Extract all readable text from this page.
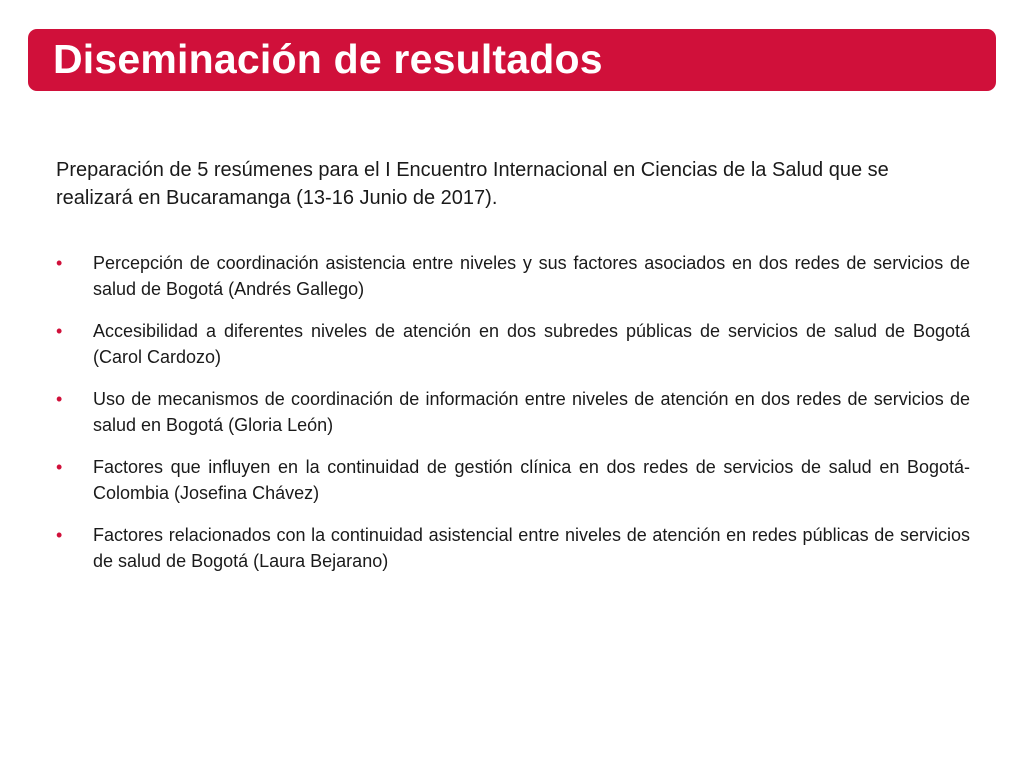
Diseminación de resultados

Preparación de 5 resúmenes para el I Encuentro Internacional en Ciencias de la Salud que se realizará en Bucaramanga (13-16 Junio de 2017).

• Percepción de coordinación asistencia entre niveles y sus factores asociados en dos redes de servicios de salud de Bogotá (Andrés Gallego)
• Accesibilidad a diferentes niveles de atención en dos subredes públicas de servicios de salud de Bogotá (Carol Cardozo)
• Uso de mecanismos de coordinación de información entre niveles de atención en dos redes de servicios de salud en Bogotá (Gloria León)
• Factores que influyen en la continuidad de gestión clínica en dos redes de servicios de salud en Bogotá-Colombia (Josefina Chávez)
• Factores relacionados con la continuidad asistencial entre niveles de atención en redes públicas de servicios de salud de Bogotá (Laura Bejarano)
